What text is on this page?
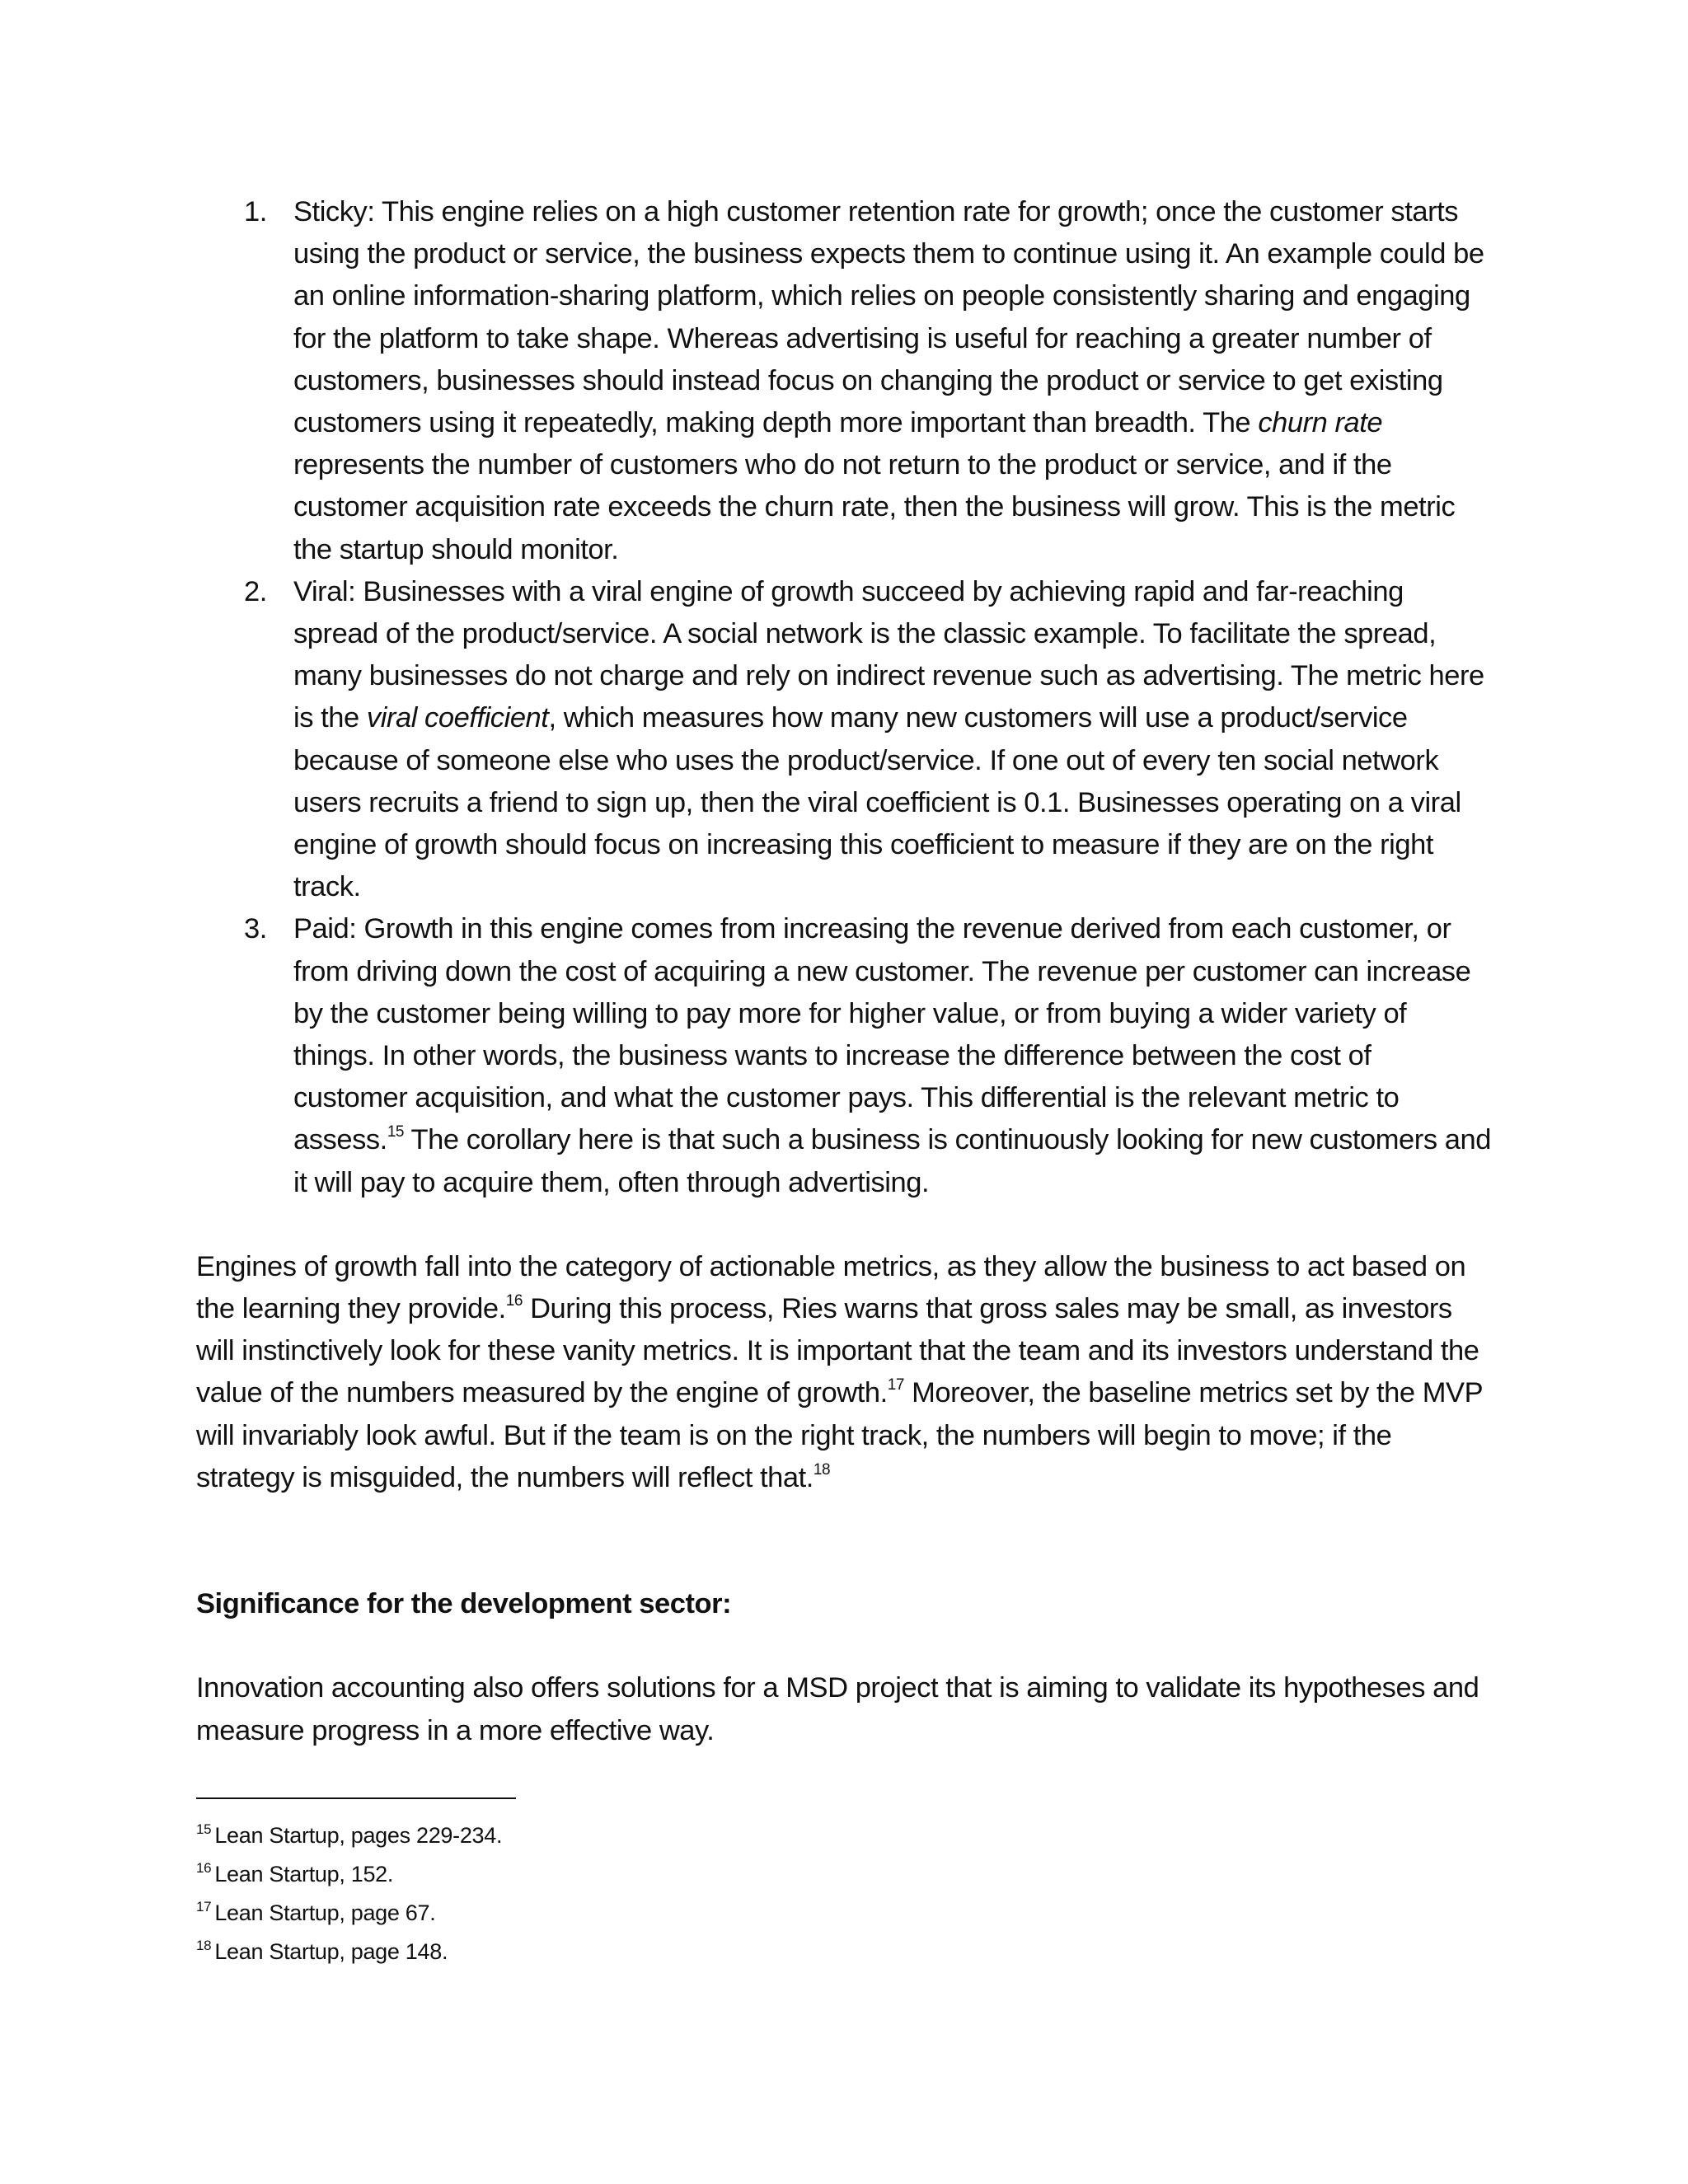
1. Sticky: This engine relies on a high customer retention rate for growth; once the customer starts using the product or service, the business expects them to continue using it. An example could be an online information-sharing platform, which relies on people consistently sharing and engaging for the platform to take shape. Whereas advertising is useful for reaching a greater number of customers, businesses should instead focus on changing the product or service to get existing customers using it repeatedly, making depth more important than breadth. The churn rate represents the number of customers who do not return to the product or service, and if the customer acquisition rate exceeds the churn rate, then the business will grow. This is the metric the startup should monitor.
2. Viral: Businesses with a viral engine of growth succeed by achieving rapid and far-reaching spread of the product/service. A social network is the classic example. To facilitate the spread, many businesses do not charge and rely on indirect revenue such as advertising. The metric here is the viral coefficient, which measures how many new customers will use a product/service because of someone else who uses the product/service. If one out of every ten social network users recruits a friend to sign up, then the viral coefficient is 0.1. Businesses operating on a viral engine of growth should focus on increasing this coefficient to measure if they are on the right track.
3. Paid: Growth in this engine comes from increasing the revenue derived from each customer, or from driving down the cost of acquiring a new customer. The revenue per customer can increase by the customer being willing to pay more for higher value, or from buying a wider variety of things. In other words, the business wants to increase the difference between the cost of customer acquisition, and what the customer pays. This differential is the relevant metric to assess.$^{15}$ The corollary here is that such a business is continuously looking for new customers and it will pay to acquire them, often through advertising.

Engines of growth fall into the category of actionable metrics, as they allow the business to act based on the learning they provide.$^{16}$ During this process, Ries warns that gross sales may be small, as investors will instinctively look for these vanity metrics. It is important that the team and its investors understand the value of the numbers measured by the engine of growth.$^{17}$ Moreover, the baseline metrics set by the MVP will invariably look awful. But if the team is on the right track, the numbers will begin to move; if the strategy is misguided, the numbers will reflect that.$^{18}$

Significance for the development sector:

Innovation accounting also offers solutions for a MSD project that is aiming to validate its hypotheses and measure progress in a more effective way.

$^{15}$ Lean Startup, pages 229-234.

$^{16}$ Lean Startup, 152.

$^{17}$ Lean Startup, page 67.

$^{18}$ Lean Startup, page 148.
